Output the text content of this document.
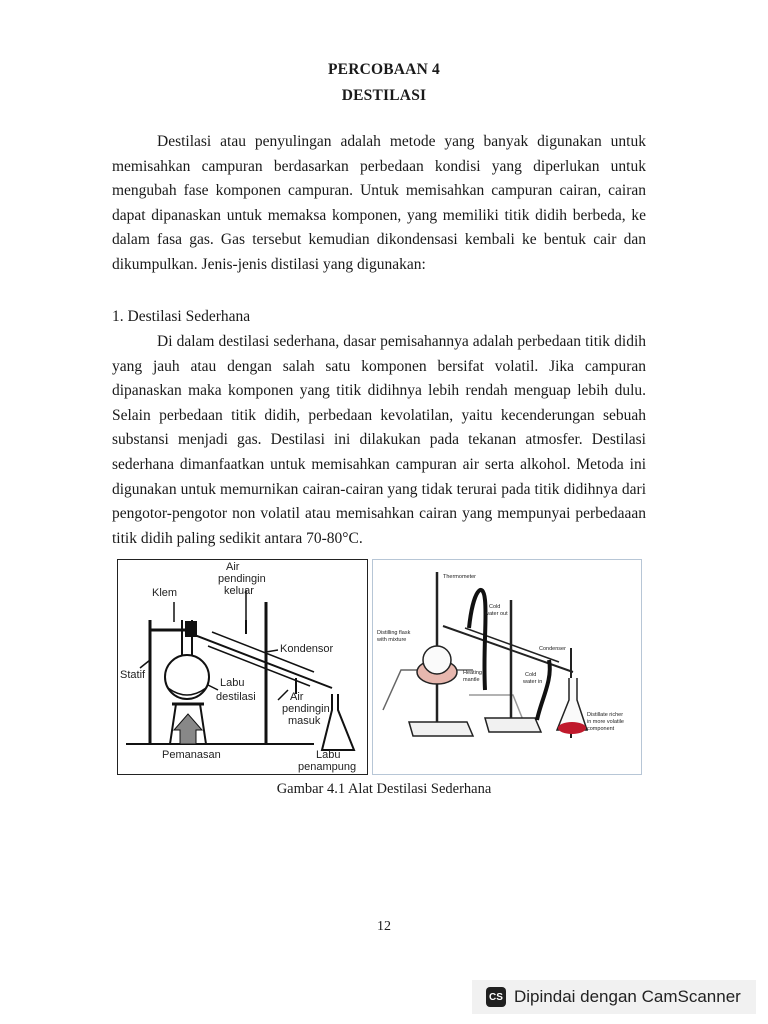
PERCOBAAN 4
DESTILASI

Destilasi atau penyulingan adalah metode yang banyak digunakan untuk memisahkan campuran berdasarkan perbedaan kondisi yang diperlukan untuk mengubah fase komponen campuran. Untuk memisahkan campuran cairan, cairan dapat dipanaskan untuk memaksa komponen, yang memiliki titik didih berbeda, ke dalam fasa gas. Gas tersebut kemudian dikondensasi kembali ke bentuk cair dan dikumpulkan. Jenis-jenis distilasi yang digunakan:

1. Destilasi Sederhana

Di dalam destilasi sederhana, dasar pemisahannya adalah perbedaan titik didih yang jauh atau dengan salah satu komponen bersifat volatil. Jika campuran dipanaskan maka komponen yang titik didihnya lebih rendah menguap lebih dulu. Selain perbedaan titik didih, perbedaan kevolatilan, yaitu kecenderungan sebuah substansi menjadi gas. Destilasi ini dilakukan pada tekanan atmosfer. Destilasi sederhana dimanfaatkan untuk memisahkan campuran air serta alkohol. Metoda ini digunakan untuk memurnikan cairan-cairan yang tidak terurai pada titik didihnya dari pengotor-pengotor non volatil atau memisahkan cairan yang mempunyai perbedaaan titik didih paling sedikit antara 70-80°C.

Klem
Air
pendingin
keluar
Kondensor
Statif
Labu
destilasi	Air
pendingin
masuk
Pemanasan	Labu
penampung
Thermometer
Cold
water out
Distilling flask
with mixture
Condenser
Heating
mantle
Cold
water in
Distillate richer
in more volatile
component
Gambar 4.1 Alat Destilasi Sederhana
12
CS Dipindai dengan CamScanner
